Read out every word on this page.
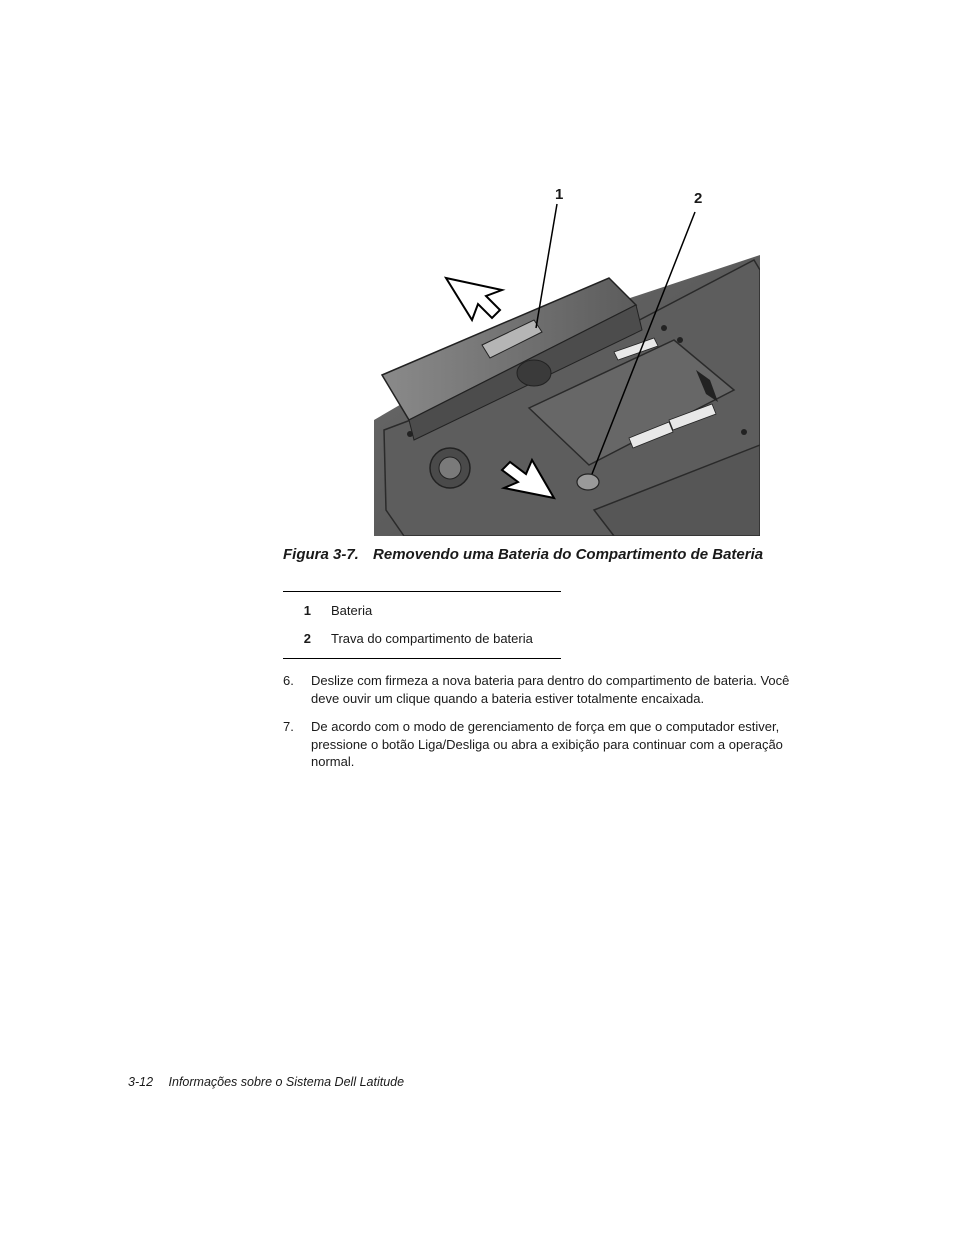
1	2
Figura 3-7. Removendo uma Bateria do Compartimento de Bateria
1	Bateria
2	Trava do compartimento de bateria
6.	Deslize com firmeza a nova bateria para dentro do compartimento de bateria. Você deve ouvir um clique quando a bateria estiver totalmente encaixada.
7.	De acordo com o modo de gerenciamento de força em que o computador estiver, pressione o botão Liga/Desliga ou abra a exibição para continuar com a operação normal.
3-12 Informações sobre o Sistema Dell Latitude
